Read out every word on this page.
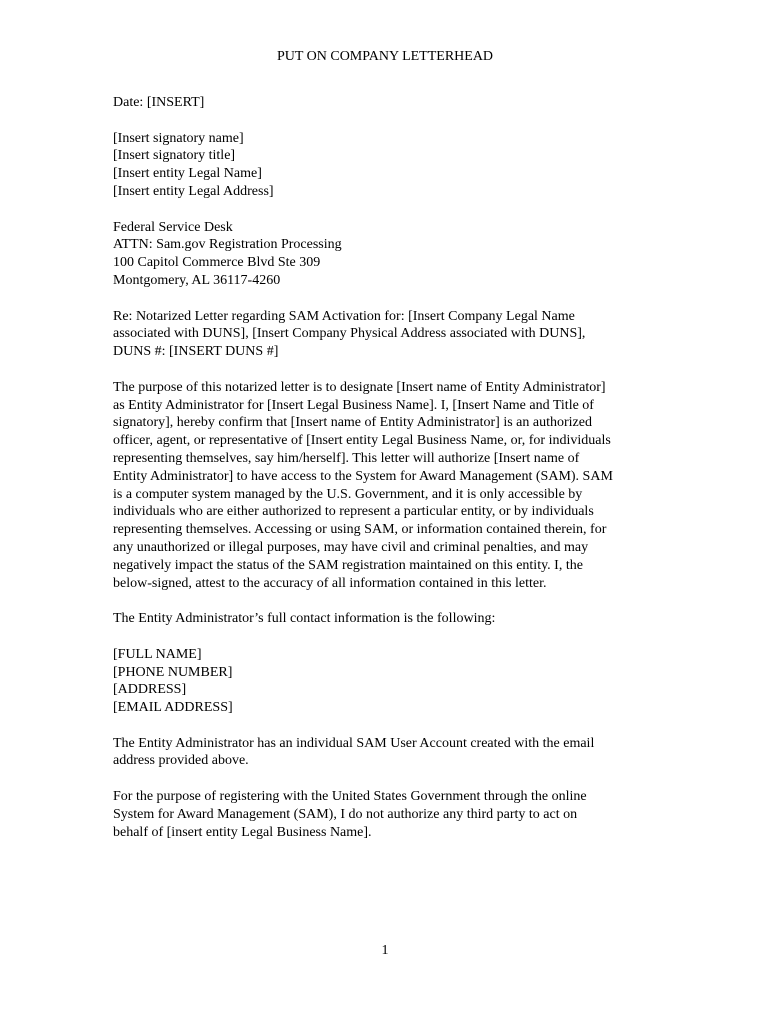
PUT ON COMPANY LETTERHEAD

Date: [INSERT]

[Insert signatory name]
[Insert signatory title]
[Insert entity Legal Name]
[Insert entity Legal Address]

Federal Service Desk
ATTN: Sam.gov Registration Processing
100 Capitol Commerce Blvd Ste 309
Montgomery, AL 36117-4260

Re: Notarized Letter regarding SAM Activation for: [Insert Company Legal Name
associated with DUNS], [Insert Company Physical Address associated with DUNS],
DUNS #: [INSERT DUNS #]

The purpose of this notarized letter is to designate [Insert name of Entity Administrator]
as Entity Administrator for [Insert Legal Business Name]. I, [Insert Name and Title of
signatory], hereby confirm that [Insert name of Entity Administrator] is an authorized
officer, agent, or representative of [Insert entity Legal Business Name, or, for individuals
representing themselves, say him/herself]. This letter will authorize [Insert name of
Entity Administrator] to have access to the System for Award Management (SAM). SAM
is a computer system managed by the U.S. Government, and it is only accessible by
individuals who are either authorized to represent a particular entity, or by individuals
representing themselves. Accessing or using SAM, or information contained therein, for
any unauthorized or illegal purposes, may have civil and criminal penalties, and may
negatively impact the status of the SAM registration maintained on this entity. I, the
below-signed, attest to the accuracy of all information contained in this letter.

The Entity Administrator’s full contact information is the following:

[FULL NAME]
[PHONE NUMBER]
[ADDRESS]
[EMAIL ADDRESS]

The Entity Administrator has an individual SAM User Account created with the email
address provided above.

For the purpose of registering with the United States Government through the online
System for Award Management (SAM), I do not authorize any third party to act on
behalf of [insert entity Legal Business Name].

1
